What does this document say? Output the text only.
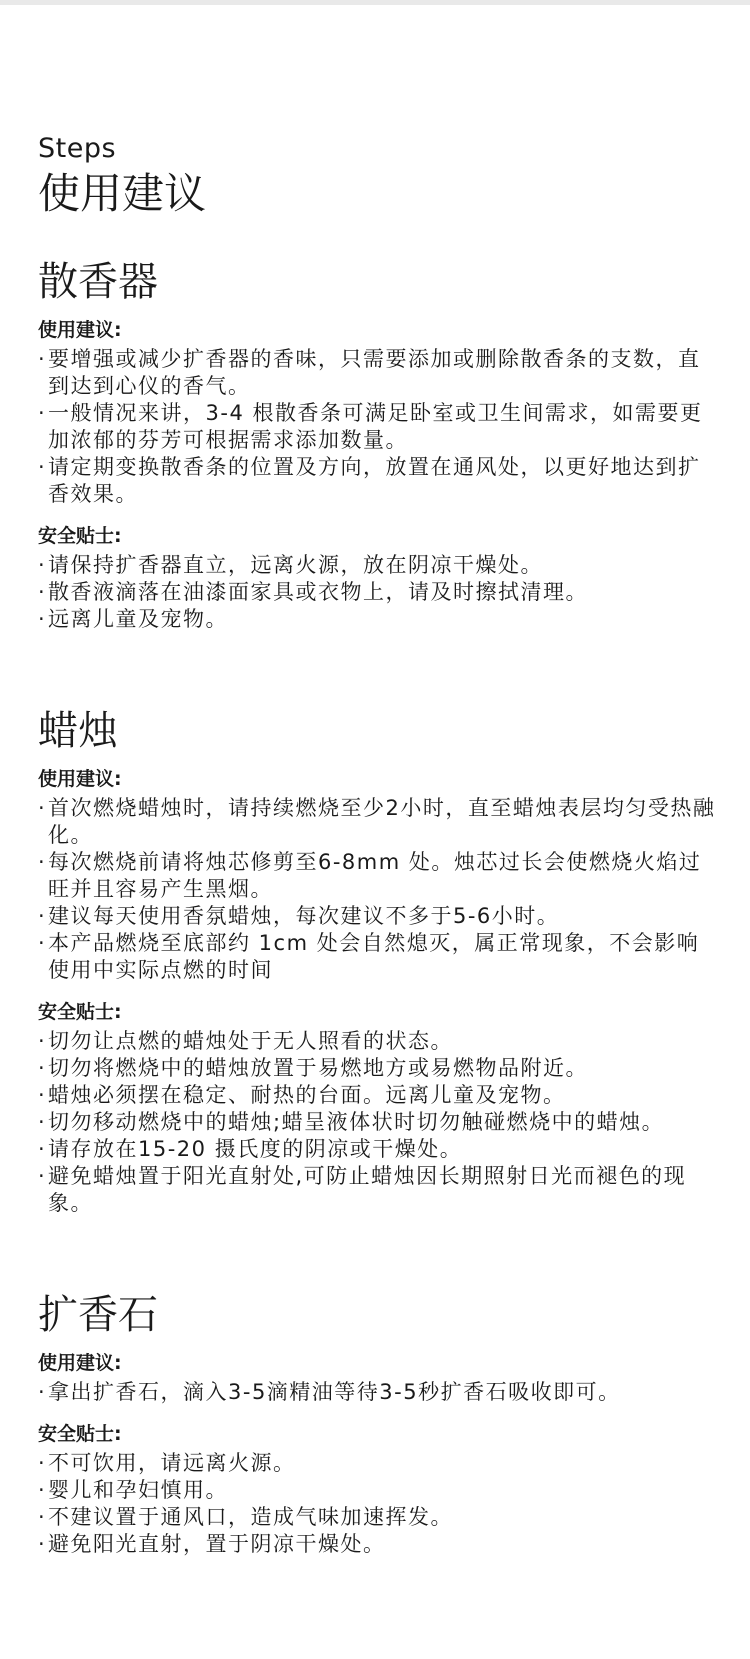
Steps

使用建议
散香器
使用建议:
· 要增强或减少扩香器的香味，只需要添加或删除散香条的支数，直到达到心仪的香气。
· 一般情况来讲，3-4 根散香条可满足卧室或卫生间需求，如需要更加浓郁的芬芳可根据需求添加数量。
· 请定期变换散香条的位置及方向，放置在通风处，以更好地达到扩香效果。
安全贴士:
· 请保持扩香器直立，远离火源，放在阴凉干燥处。
· 散香液滴落在油漆面家具或衣物上，请及时擦拭清理。
· 远离儿童及宠物。
蜡烛
使用建议:
· 首次燃烧蜡烛时，请持续燃烧至少2小时，直至蜡烛表层均匀受热融化。
· 每次燃烧前请将烛芯修剪至6-8mm 处。烛芯过长会使燃烧火焰过旺并且容易产生黑烟。
· 建议每天使用香氛蜡烛，每次建议不多于5-6小时。
· 本产品燃烧至底部约 1cm 处会自然熄灭，属正常现象，不会影响使用中实际点燃的时间
安全贴士:
· 切勿让点燃的蜡烛处于无人照看的状态。
· 切勿将燃烧中的蜡烛放置于易燃地方或易燃物品附近。
· 蜡烛必须摆在稳定、耐热的台面。远离儿童及宠物。
· 切勿移动燃烧中的蜡烛;蜡呈液体状时切勿触碰燃烧中的蜡烛。
· 请存放在15-20 摄氏度的阴凉或干燥处。
· 避免蜡烛置于阳光直射处,可防止蜡烛因长期照射日光而褪色的现象。
扩香石
使用建议:
· 拿出扩香石，滴入3-5滴精油等待3-5秒扩香石吸收即可。
安全贴士:
· 不可饮用，请远离火源。
· 婴儿和孕妇慎用。
· 不建议置于通风口，造成气味加速挥发。
· 避免阳光直射，置于阴凉干燥处。
